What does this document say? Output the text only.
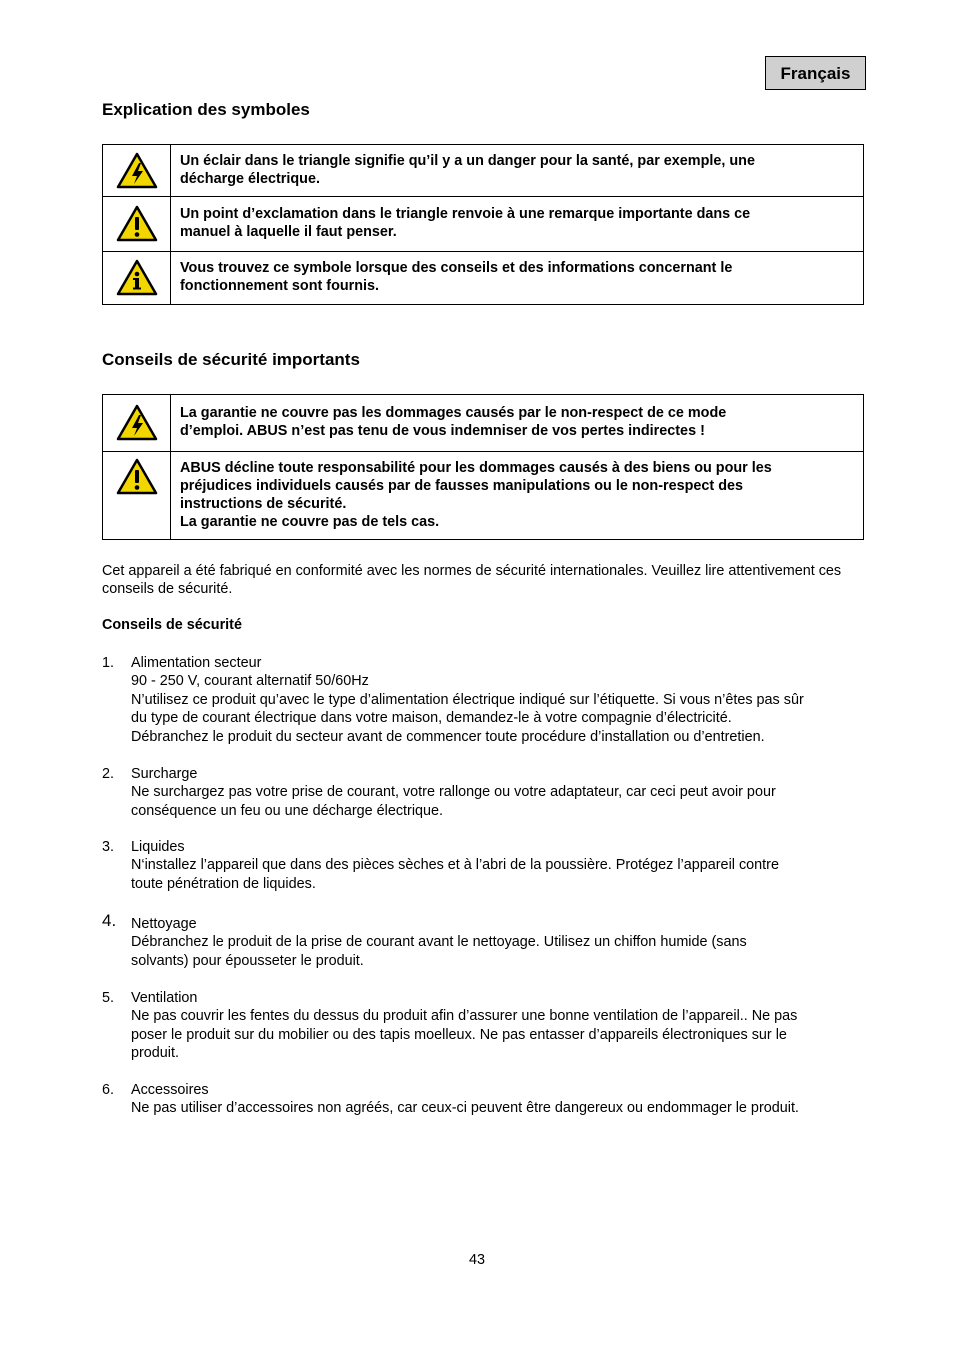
Français
Explication des symboles
	Un éclair dans le triangle signifie qu’il y a un danger pour la santé, par exemple, une
décharge électrique.

	Un point d’exclamation dans le triangle renvoie à une remarque importante dans ce
manuel à laquelle il faut penser.

	Vous trouvez ce symbole lorsque des conseils et des informations concernant le
fonctionnement sont fournis.
Conseils de sécurité importants
	La garantie ne couvre pas les dommages causés par le non-respect de ce mode
d’emploi. ABUS n’est pas tenu de vous indemniser de vos pertes indirectes !

	ABUS décline toute responsabilité pour les dommages causés à des biens ou pour les
préjudices individuels causés par de fausses manipulations ou le non-respect des
instructions de sécurité.
La garantie ne couvre pas de tels cas.

Cet appareil a été fabriqué en conformité avec les normes de sécurité internationales. Veuillez lire attentivement ces conseils de sécurité.

Conseils de sécurité

1. Alimentation secteur
90 - 250 V, courant alternatif 50/60Hz
N’utilisez ce produit qu’avec le type d’alimentation électrique indiqué sur l’étiquette. Si vous n’êtes pas sûr
du type de courant électrique dans votre maison, demandez-le à votre compagnie d’électricité.
Débranchez le produit du secteur avant de commencer toute procédure d’installation ou d’entretien.
2. Surcharge
Ne surchargez pas votre prise de courant, votre rallonge ou votre adaptateur, car ceci peut avoir pour
conséquence un feu ou une décharge électrique.
3. Liquides
N‘installez l’appareil que dans des pièces sèches et à l’abri de la poussière. Protégez l’appareil contre
toute pénétration de liquides.
4. Nettoyage
Débranchez le produit de la prise de courant avant le nettoyage. Utilisez un chiffon humide (sans
solvants) pour épousseter le produit.
5. Ventilation
Ne pas couvrir les fentes du dessus du produit afin d’assurer une bonne ventilation de l’appareil.. Ne pas
poser le produit sur du mobilier ou des tapis moelleux. Ne pas entasser d’appareils électroniques sur le
produit.
6. Accessoires
Ne pas utiliser d’accessoires non agréés, car ceux-ci peuvent être dangereux ou endommager le produit.
43
